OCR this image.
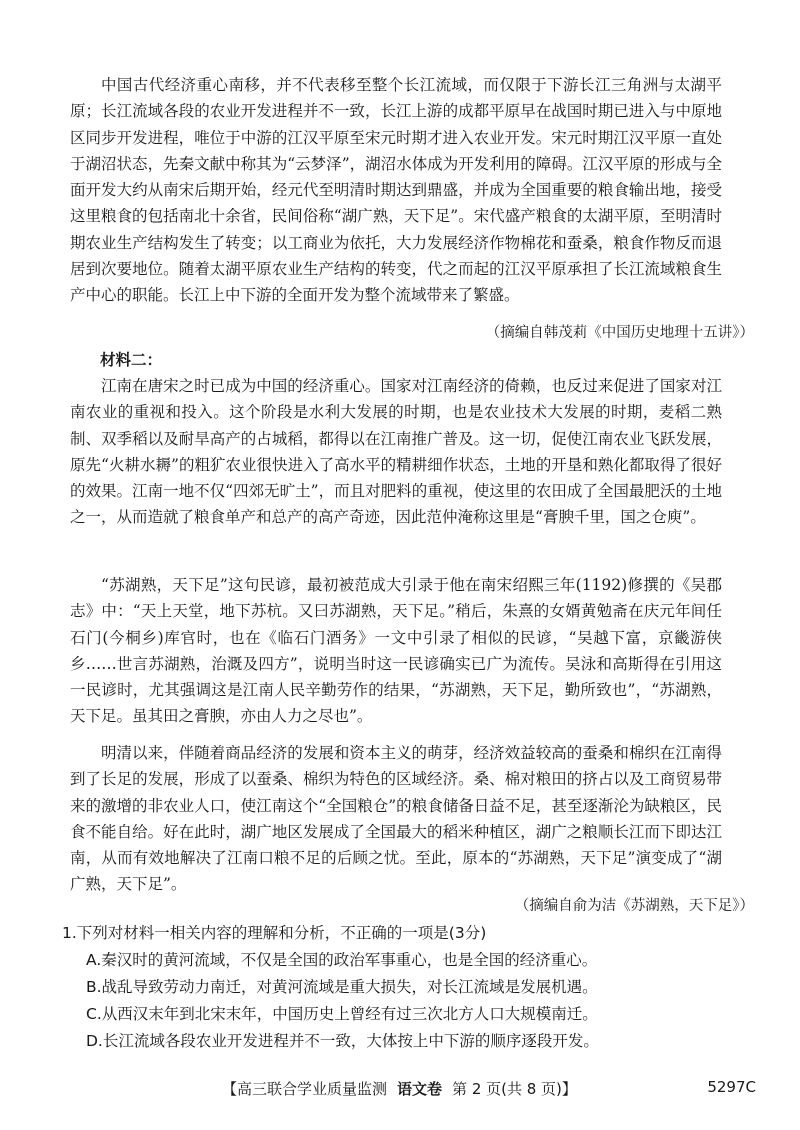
中国古代经济重心南移，并不代表移至整个长江流域，而仅限于下游长江三角洲与太湖平原；长江流域各段的农业开发进程并不一致，长江上游的成都平原早在战国时期已进入与中原地区同步开发进程，唯位于中游的江汉平原至宋元时期才进入农业开发。宋元时期江汉平原一直处于湖沼状态，先秦文献中称其为“云梦泽”，湖沼水体成为开发利用的障碍。江汉平原的形成与全面开发大约从南宋后期开始，经元代至明清时期达到鼎盛，并成为全国重要的粮食输出地，接受这里粮食的包括南北十余省，民间俗称“湖广熟，天下足”。宋代盛产粮食的太湖平原，至明清时期农业生产结构发生了转变；以工商业为依托，大力发展经济作物棉花和蚕桑，粮食作物反而退居到次要地位。随着太湖平原农业生产结构的转变，代之而起的江汉平原承担了长江流域粮食生产中心的职能。长江上中下游的全面开发为整个流域带来了繁盛。

（摘编自韩茂莉《中国历史地理十五讲》）

材料二：

江南在唐宋之时已成为中国的经济重心。国家对江南经济的倚赖，也反过来促进了国家对江南农业的重视和投入。这个阶段是水利大发展的时期，也是农业技术大发展的时期，麦稻二熟制、双季稻以及耐旱高产的占城稻，都得以在江南推广普及。这一切，促使江南农业飞跃发展，原先“火耕水耨”的粗犷农业很快进入了高水平的精耕细作状态，土地的开垦和熟化都取得了很好的效果。江南一地不仅“四郊无旷土”，而且对肥料的重视，使这里的农田成了全国最肥沃的土地之一，从而造就了粮食单产和总产的高产奇迹，因此范仲淹称这里是“膏腴千里，国之仓庾”。

“苏湖熟，天下足”这句民谚，最初被范成大引录于他在南宋绍熙三年(1192)修撰的《吴郡志》中：“天上天堂，地下苏杭。又曰苏湖熟，天下足。”稍后，朱熹的女婿黄勉斋在庆元年间任石门(今桐乡)库官时，也在《临石门酒务》一文中引录了相似的民谚，“吴越下富，京畿游侠乡……世言苏湖熟，治溉及四方”，说明当时这一民谚确实已广为流传。吴泳和高斯得在引用这一民谚时，尤其强调这是江南人民辛勤劳作的结果，“苏湖熟，天下足，勤所致也”，“苏湖熟，天下足。虽其田之膏腴，亦由人力之尽也”。

明清以来，伴随着商品经济的发展和资本主义的萌芽，经济效益较高的蚕桑和棉织在江南得到了长足的发展，形成了以蚕桑、棉织为特色的区域经济。桑、棉对粮田的挤占以及工商贸易带来的激增的非农业人口，使江南这个“全国粮仓”的粮食储备日益不足，甚至逐渐沦为缺粮区，民食不能自给。好在此时，湖广地区发展成了全国最大的稻米种植区，湖广之粮顺长江而下即达江南，从而有效地解决了江南口粮不足的后顾之忧。至此，原本的“苏湖熟，天下足”演变成了“湖广熟，天下足”。

（摘编自俞为洁《苏湖熟，天下足》）

1.下列对材料一相关内容的理解和分析，不正确的一项是(3分)

A.秦汉时的黄河流域，不仅是全国的政治军事重心，也是全国的经济重心。

B.战乱导致劳动力南迁，对黄河流域是重大损失，对长江流域是发展机遇。

C.从西汉末年到北宋末年，中国历史上曾经有过三次北方人口大规模南迁。

D.长江流域各段农业开发进程并不一致，大体按上中下游的顺序逐段开发。

【高三联合学业质量监测 语文卷 第 2 页(共 8 页)】	5297C
